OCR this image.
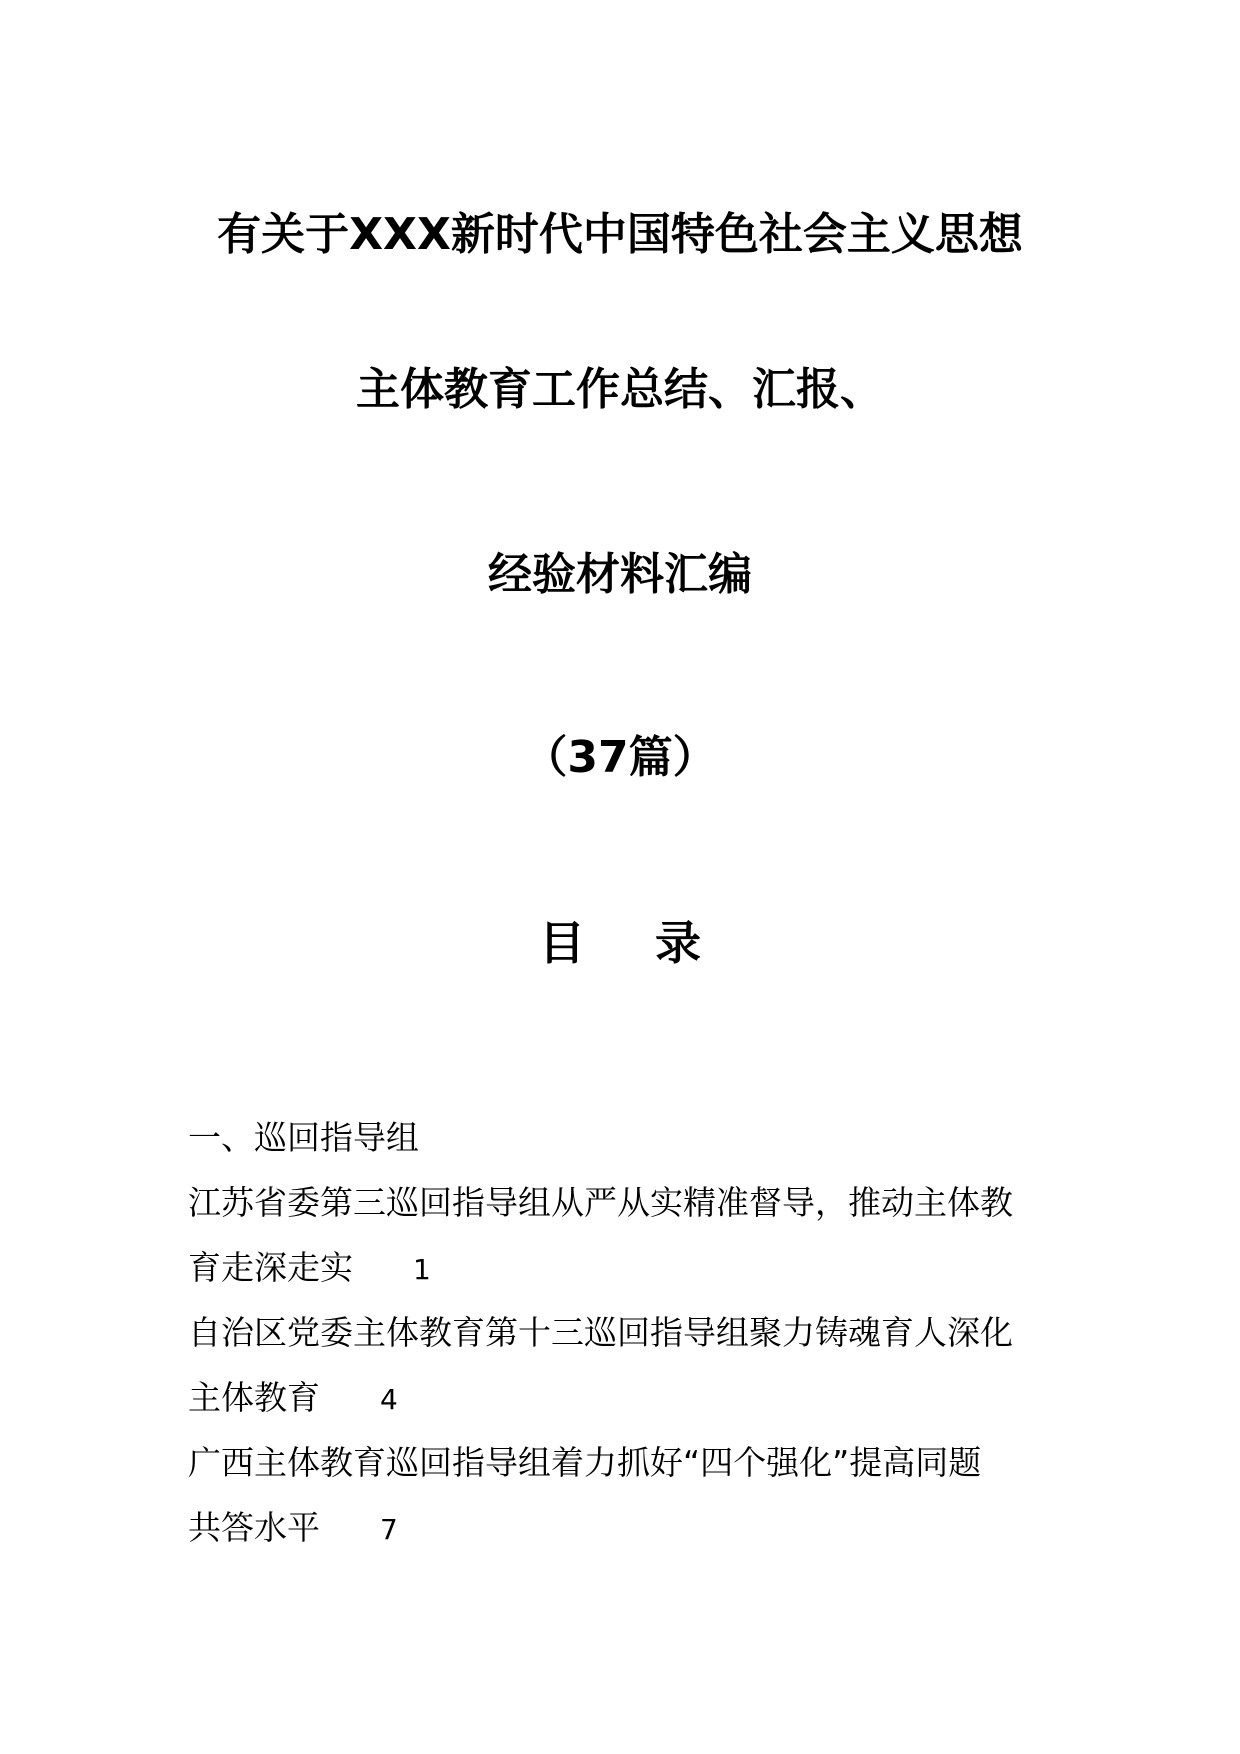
有关于XXX新时代中国特色社会主义思想
主体教育工作总结、汇报、
经验材料汇编
（37篇）
目录
一、巡回指导组
江苏省委第三巡回指导组从严从实精准督导，推动主体教
育走深走实 1
自治区党委主体教育第十三巡回指导组聚力铸魂育人深化
主体教育 4
广西主体教育巡回指导组着力抓好“四个强化”提高同题
共答水平 7
